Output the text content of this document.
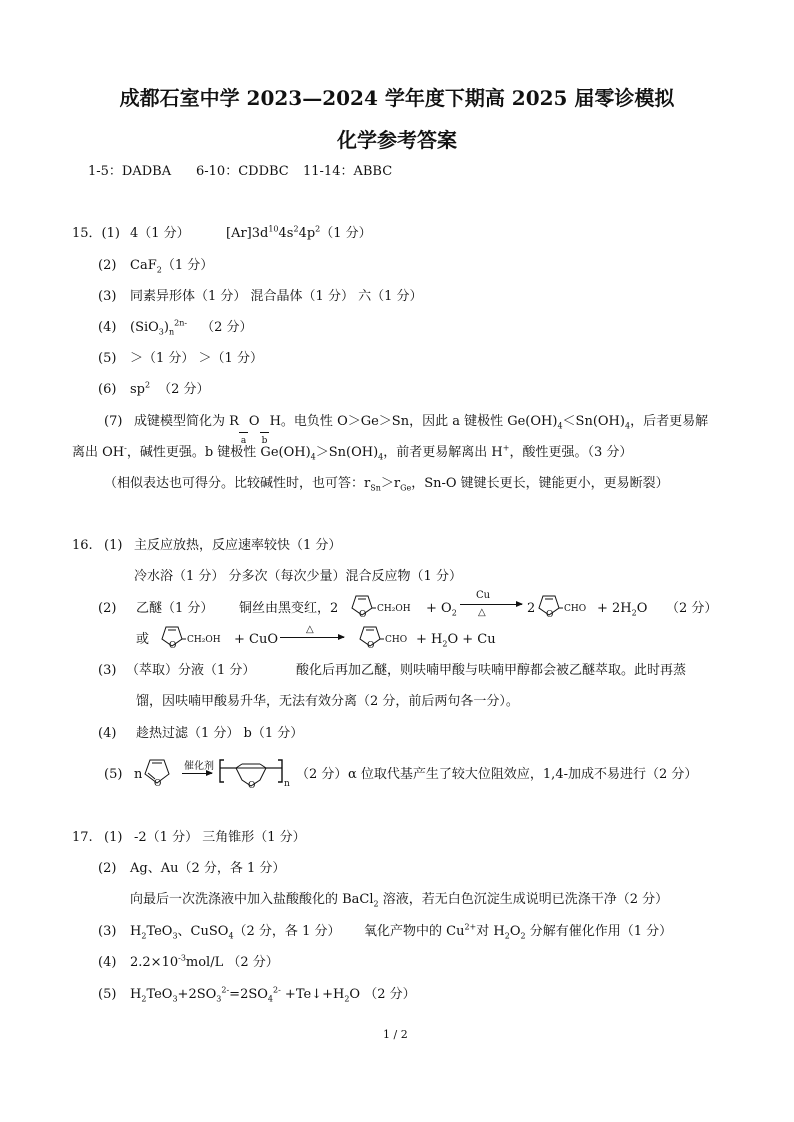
成都石室中学 2023—2024 学年度下期高 2025 届零诊模拟
化学参考答案
1-5：DADBA 6-10：CDDBC 11-14：ABBC
15．(1) 4（1 分）	$[Ar]3d^{10}4s^24p^2(1$ 分）
(2) CaF$_2$（1 分）
(3) 同素异形体（1 分） 混合晶体（1 分） 六（1 分）
(4) $(SiO_3)_n^{2n-}$ （2 分）
(5) ＞（1 分） ＞（1 分）
(6) $sp^2$ （2 分）
(7) 成键模型简化为 R
a
O
b
H。电负性 O＞Ge＞Sn，因此 a 键极性 $Ge(OH)_4<Sn(OH)_4$，后者更易解
离出 OH-，碱性更强。b 键极性 $Ge(OH)_4>Sn(OH)_4$，前者更易解离出 H+，酸性更强。（3 分）
（相似表达也可得分。比较碱性时，也可答：$r_{Sn}>r_{Ge}$，Sn-O 键键长更长，键能更小，更易断裂）
16. (1) 主反应放热，反应速率较快（1 分）
冷水浴（1 分） 分多次（每次少量）混合反应物（1 分）
(2) 乙醚（1 分） 铜丝由黑变红，2 O
$CH_2OH + O_2$
Cu
△	2 O
CHO + $2H_2O$ （2 分）
或 O
CH₂OH + CuO →
△
O
CHO + $H_2O + Cu$
(3) （萃取）分液（1 分）	酸化后再加乙醚，则呋喃甲酸与呋喃甲醇都会被乙醚萃取。此时再蒸
馏，因呋喃甲酸易升华，无法有效分离（2 分，前后两句各一分）。
(4) 趁热过滤（1 分） b（1 分）
(5) n
O
催化剂
O	n
（2 分） α 位取代基产生了较大位阻效应，1,4-加成不易进行（2 分）
17. (1) -2（1 分） 三角锥形（1 分）
(2) Ag、Au（2 分，各 1 分）
向最后一次洗涤液中加入盐酸酸化的 BaCl$_2$ 溶液，若无白色沉淀生成说明已洗涤干净（2 分）
(3) $H_2TeO_3$、CuSO$_4$（2 分，各 1 分） 氧化产物中的 $Cu^{2+}$对 $H_2O_2$ 分解有催化作用（1 分）
(4) $2.2\times 10^{-3}mol/L$ （2 分）
(5) $H_2TeO_3+2SO_3^{2-}=2SO_4^{2-}$ $+Te↓+H_2O$ （2 分）
1 / 2
